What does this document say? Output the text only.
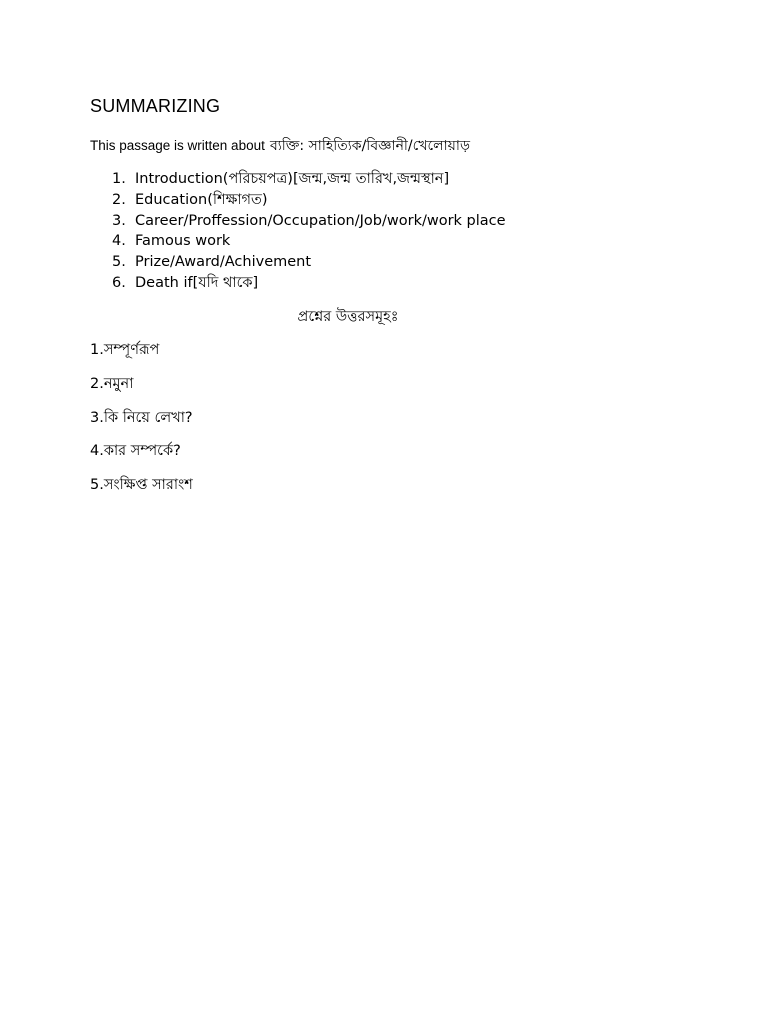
SUMMARIZING
This passage is written about ব্যক্তি: সাহিত্যিক/বিজ্ঞানী/খেলোয়াড়
1. Introduction(পরিচয়পত্র)[জন্ম,জন্ম তারিখ,জন্মস্থান]
2. Education(শিক্ষাগত)
3. Career/Proffession/Occupation/Job/work/work place
4. Famous work
5. Prize/Award/Achivement
6. Death if[যদি থাকে]
প্রশ্নের উত্তরসমূহঃ
1.সম্পূর্ণরূপ
2.নমুনা
3.কি নিয়ে লেখা?
4.কার সম্পর্কে?
5.সংক্ষিপ্ত সারাংশ
